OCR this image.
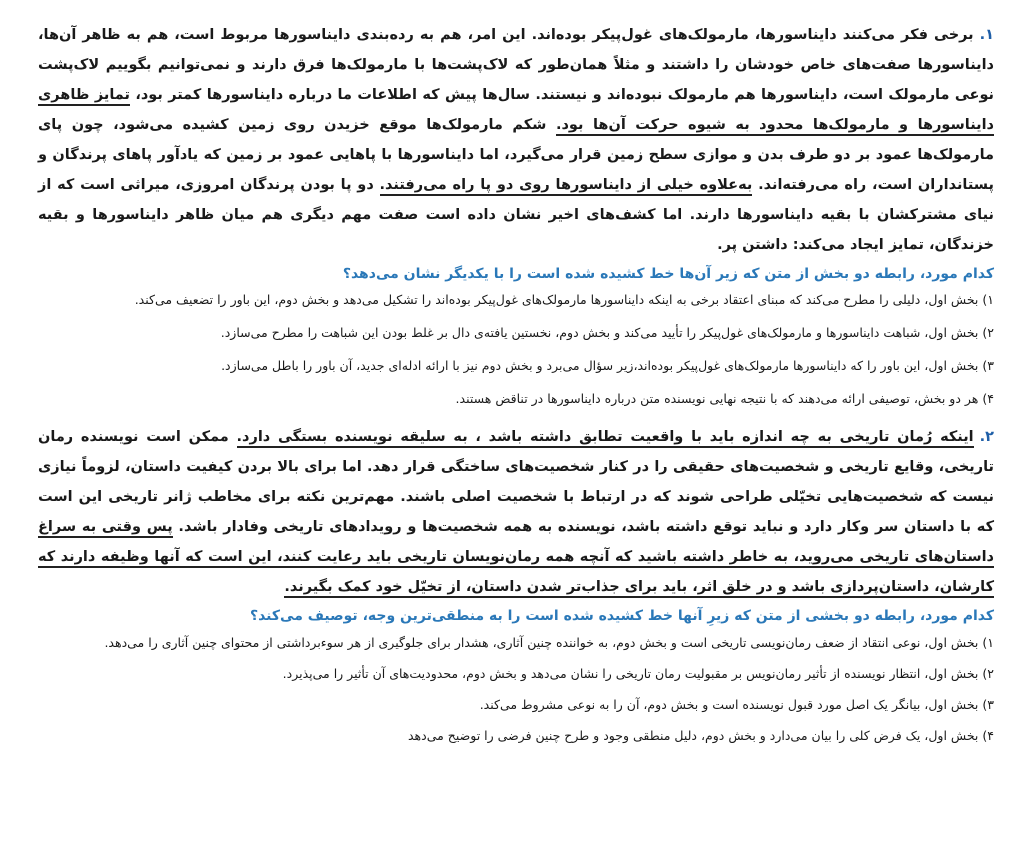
۱.برخی فکر می‌کنند دایناسورها، مارمولک‌های غول‌پیکر بوده‌اند. این امر، هم به رده‌بندی دایناسورها مربوط است، هم به ظاهر آن‌ها، دایناسورها صفت‌های خاص خودشان را داشتند و مثلاً همان‌طور که لاک‌پشت‌ها با مارمولک‌ها فرق دارند و نمی‌توانیم بگوییم لاک‌پشت نوعی مارمولک است، دایناسورها هم مارمولک نبوده‌اند و نیستند. سال‌ها پیش که اطلاعات ما درباره دایناسورها کمتر بود، تمایز ظاهری دایناسورها و مارمولک‌ها محدود به شیوه حرکت آن‌ها بود. شکم مارمولک‌ها موقع خزیدن روی زمین کشیده می‌شود، چون پای مارمولک‌ها عمود بر دو طرف بدن و موازی سطح زمین قرار می‌گیرد، اما دایناسورها با پاهایی عمود بر زمین که یادآور پاهای پرندگان و پستانداران است، راه می‌رفته‌اند. به‌علاوه خیلی از دایناسورها روی دو پا راه می‌رفتند. دو پا بودن پرندگان امروزی، میراثی است که از نیای مشترکشان با بقیه دایناسورها دارند. اما کشف‌های اخیر نشان داده است صفت مهم دیگری هم میان ظاهر دایناسورها و بقیه خزندگان، تمایز ایجاد می‌کند: داشتن پر.

کدام مورد، رابطه دو بخش از متن که زیر آن‌ها خط کشیده شده است را با یکدیگر نشان می‌دهد؟
۱)بخش اول، دلیلی را مطرح می‌کند که مبنای اعتقاد برخی به اینکه دایناسورها مارمولک‌های غول‌پیکر بوده‌اند را تشکیل می‌دهد و بخش دوم، این باور را تضعیف می‌کند.
۲)بخش اول، شباهت دایناسورها و مارمولک‌های غول‌پیکر را تأیید می‌کند و بخش دوم، نخستین یافته‌ی دال بر غلط بودن این شباهت را مطرح می‌سازد.
۳)بخش اول، این باور را که دایناسورها مارمولک‌های غول‌پیکر بوده‌اند،زیر سؤال می‌برد و بخش دوم نیز با ارائه ادله‌ای جدید، آن باور را باطل می‌سازد.
۴)هر دو بخش، توصیفی ارائه می‌دهند که با نتیجه نهایی نویسنده متن درباره دایناسورها در تناقض هستند.

۲.اینکه رُمان تاریخی به چه اندازه باید با واقعیت تطابق داشته باشد ، به سلیقه نویسنده بستگی دارد. ممکن است نویسنده رمان تاریخی، وقایع تاریخی و شخصیت‌های حقیقی را در کنار شخصیت‌های ساختگی قرار دهد. اما برای بالا بردن کیفیت داستان، لزوماً نیازی نیست که شخصیت‌هایی تخیّلی طراحی شوند که در ارتباط با شخصیت اصلی باشند. مهم‌ترین نکته برای مخاطب ژانر تاریخی این است که با داستان سر وکار دارد و نباید توقع داشته باشد، نویسنده به همه شخصیت‌ها و رویدادهای تاریخی وفادار باشد. پس وقتی به سراغ داستان‌های تاریخی می‌روید، به خاطر داشته باشید که آنچه همه رمان‌نویسان تاریخی باید رعایت کنند، این است که آنها وظیفه دارند که کارشان، داستان‌پردازی باشد و در خلق اثر، باید برای جذاب‌تر شدن داستان، از تخیّل خود کمک بگیرند.

کدام مورد، رابطه دو بخشی از متن که زیرِ آنها خط کشیده شده است را به منطقی‌ترین وجه، توصیف می‌کند؟
۱)بخش اول، نوعی انتقاد از ضعف رمان‌نویسی تاریخی است و بخش دوم، به خواننده چنین آثاری، هشدار برای جلوگیری از هر سوءبرداشتی از محتوای چنین آثاری را می‌دهد.
۲)بخش اول، انتظار نویسنده از تأثیر رمان‌نویس بر مقبولیت رمان تاریخی را نشان می‌دهد و بخش دوم، محدودیت‌های آن تأثیر را می‌پذیرد.
۳)بخش اول، بیانگر یک اصل مورد قبول نویسنده است و بخش دوم، آن را به نوعی مشروط می‌کند.
۴)بخش اول، یک فرض کلی را بیان می‌دارد و بخش دوم، دلیل منطقی وجود و طرح چنین فرضی را توضیح می‌دهد
